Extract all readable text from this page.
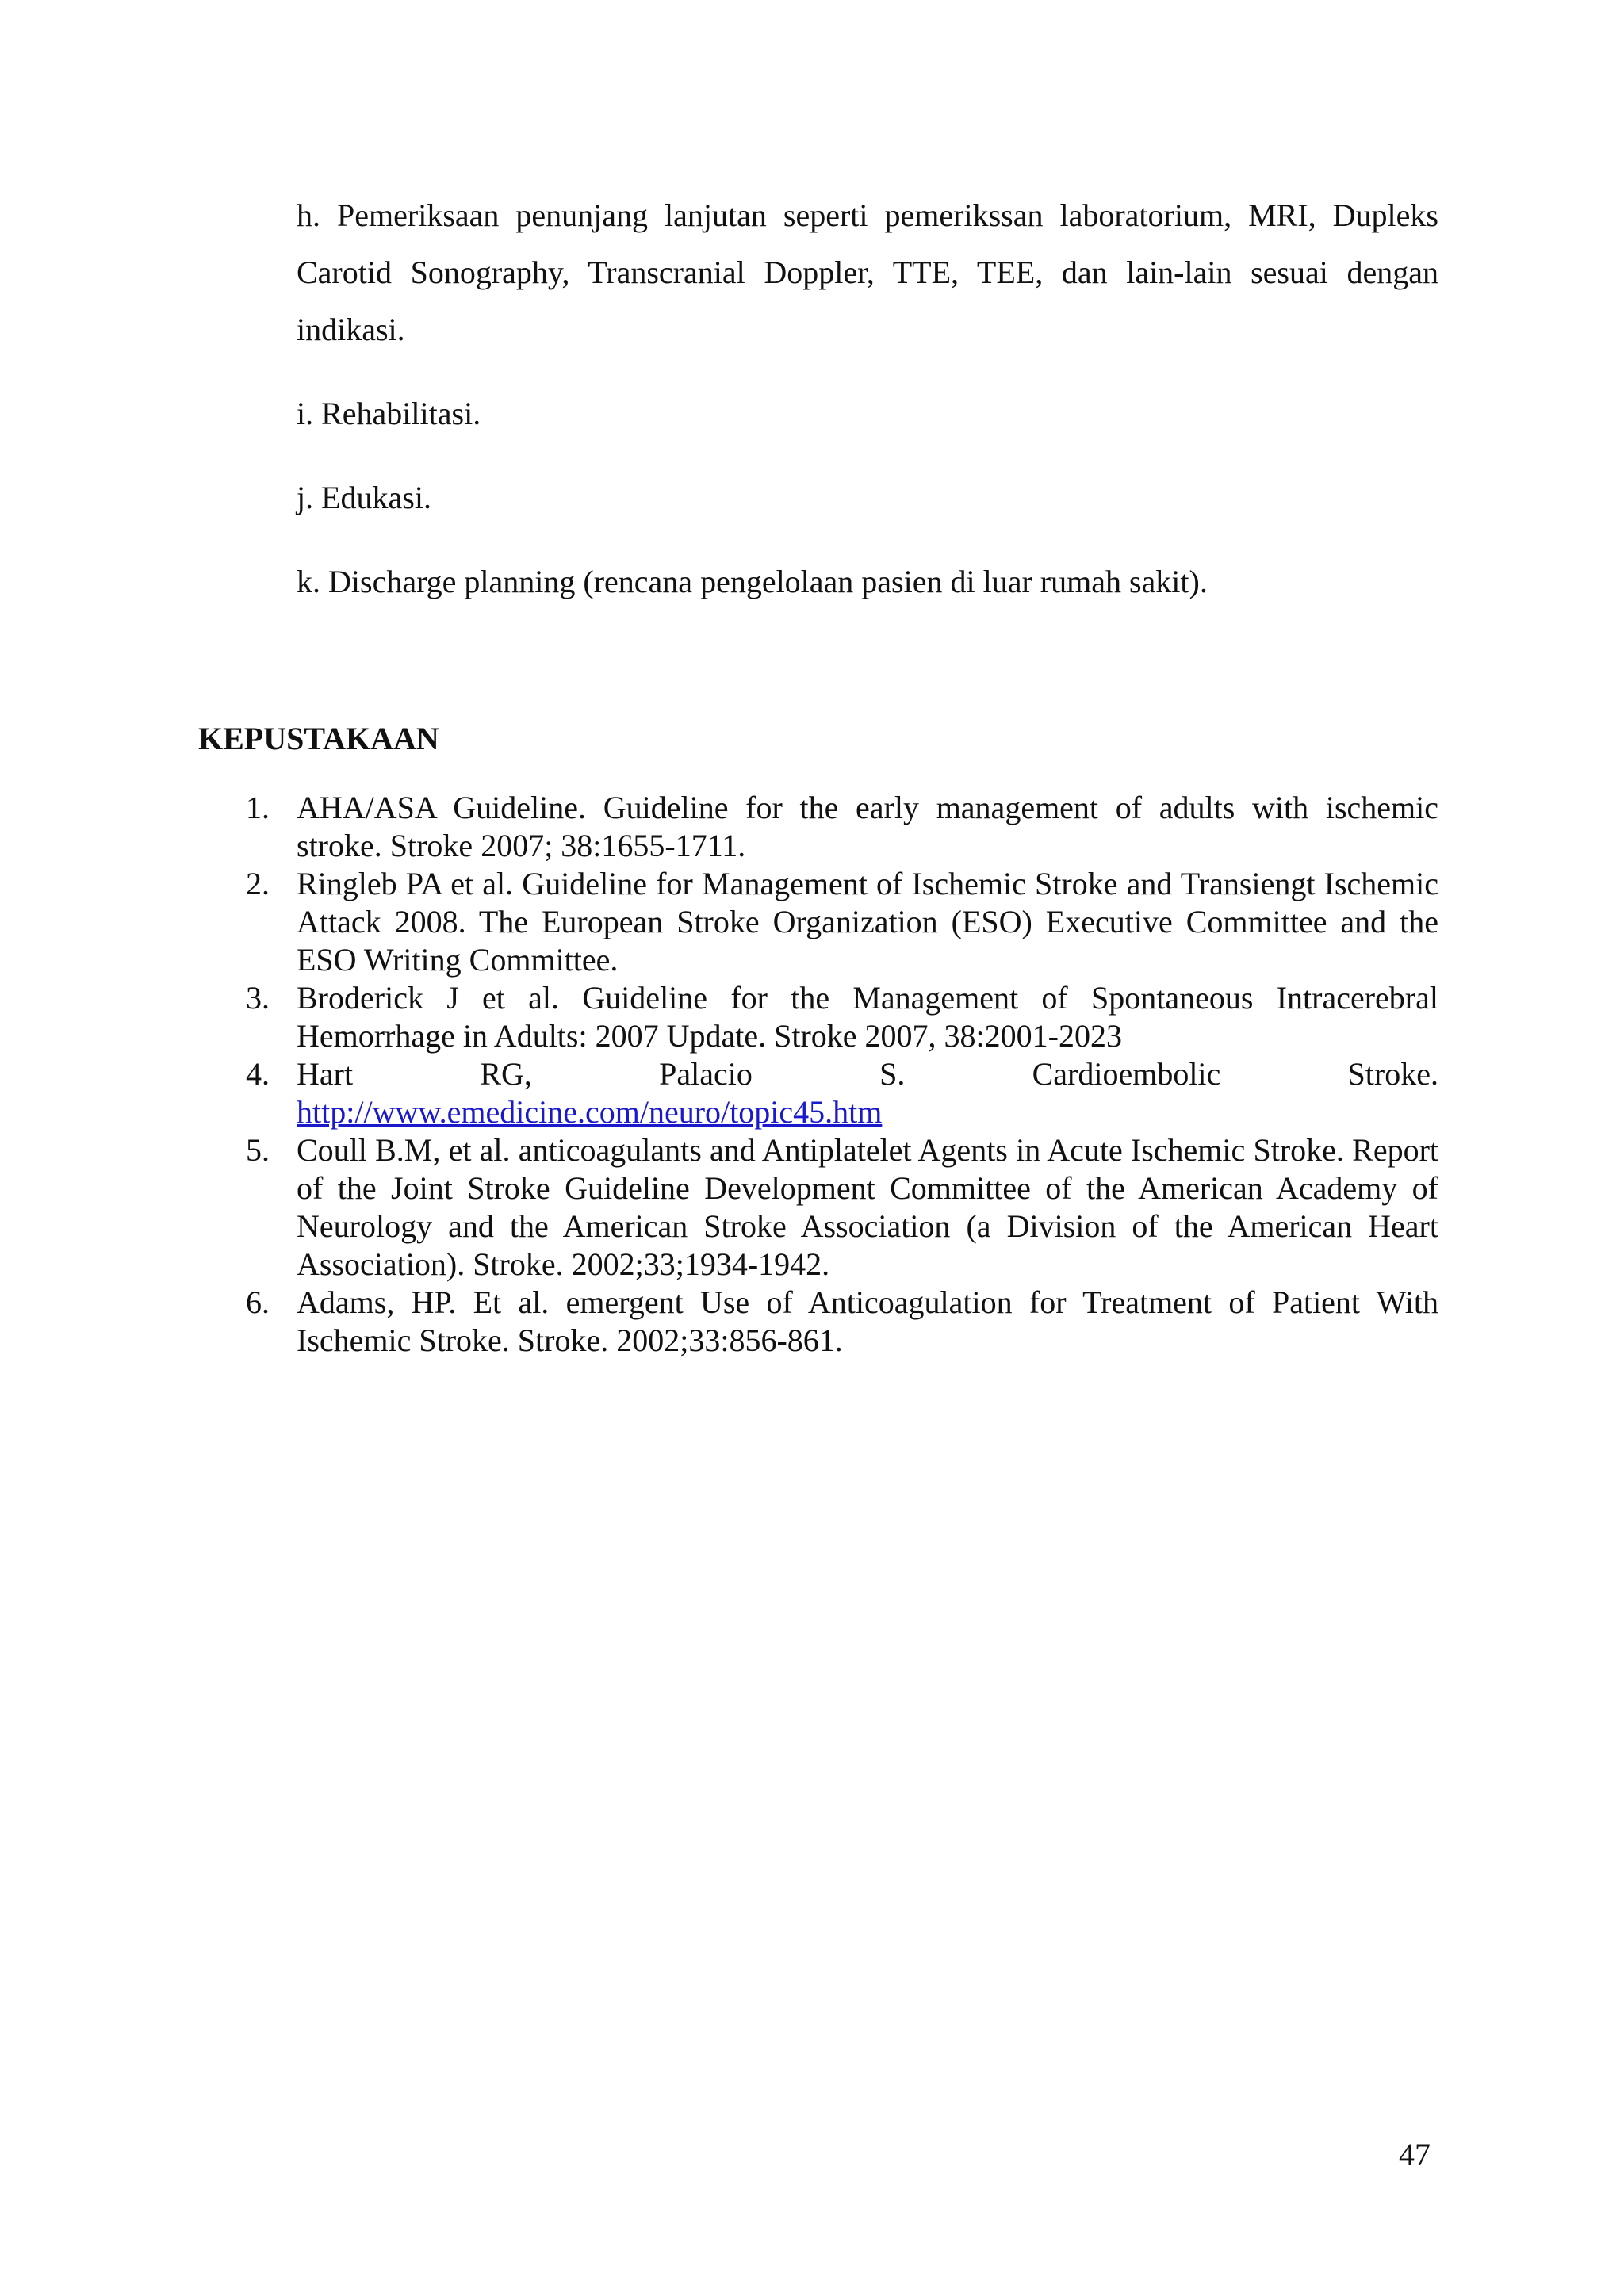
h. Pemeriksaan penunjang lanjutan seperti pemerikssan laboratorium, MRI, Dupleks Carotid Sonography, Transcranial Doppler, TTE, TEE, dan lain-lain sesuai dengan indikasi.

i. Rehabilitasi.

j. Edukasi.

k. Discharge planning (rencana pengelolaan pasien di luar rumah sakit).

KEPUSTAKAAN
1. AHA/ASA Guideline. Guideline for the early management of adults with ischemic stroke. Stroke 2007; 38:1655-1711.
2. Ringleb PA et al. Guideline for Management of Ischemic Stroke and Transiengt Ischemic Attack 2008. The European Stroke Organization (ESO) Executive Committee and the ESO Writing Committee.
3. Broderick J et al. Guideline for the Management of Spontaneous Intracerebral Hemorrhage in Adults: 2007 Update. Stroke 2007, 38:2001-2023
4. Hart	RG,	Palacio	S.	Cardioembolic	Stroke.
http://www.emedicine.com/neuro/topic45.htm
5. Coull B.M, et al. anticoagulants and Antiplatelet Agents in Acute Ischemic Stroke. Report of the Joint Stroke Guideline Development Committee of the American Academy of Neurology and the American Stroke Association (a Division of the American Heart Association). Stroke. 2002;33;1934-1942.
6. Adams, HP. Et al. emergent Use of Anticoagulation for Treatment of Patient With Ischemic Stroke. Stroke. 2002;33:856-861.

47
